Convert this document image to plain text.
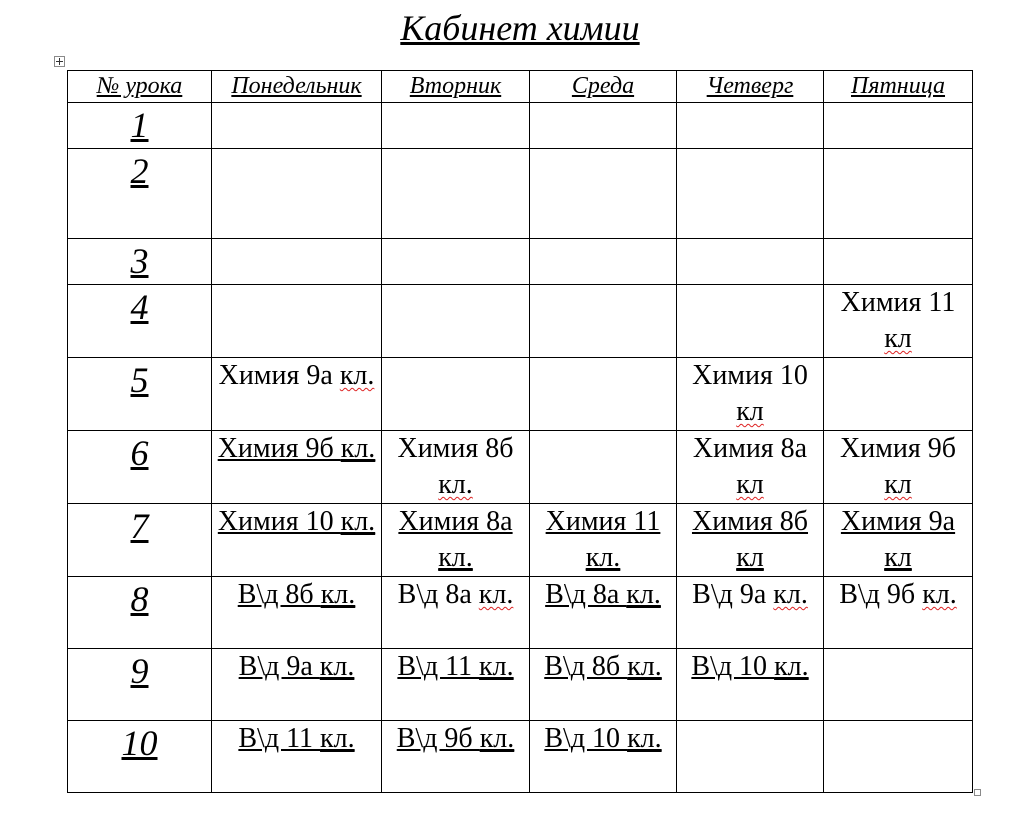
Кабинет химии
№ урока	Понедельник	Вторник	Среда	Четверг	Пятница
1					
2					
3					
4					Химия 11 кл
5	Химия 9а кл.			Химия 10 кл	
6	Химия 9б кл.	Химия 8б кл.		Химия 8а кл	Химия 9б кл
7	Химия 10 кл.	Химия 8а кл.	Химия 11 кл.	Химия 8б кл	Химия 9а кл
8	В\д 8б кл.	В\д 8а кл.	В\д 8а кл.	В\д 9а кл.	В\д 9б кл.
9	В\д 9а кл.	В\д 11 кл.	В\д 8б кл.	В\д 10 кл.	
10	В\д 11 кл.	В\д 9б кл.	В\д 10 кл.		
